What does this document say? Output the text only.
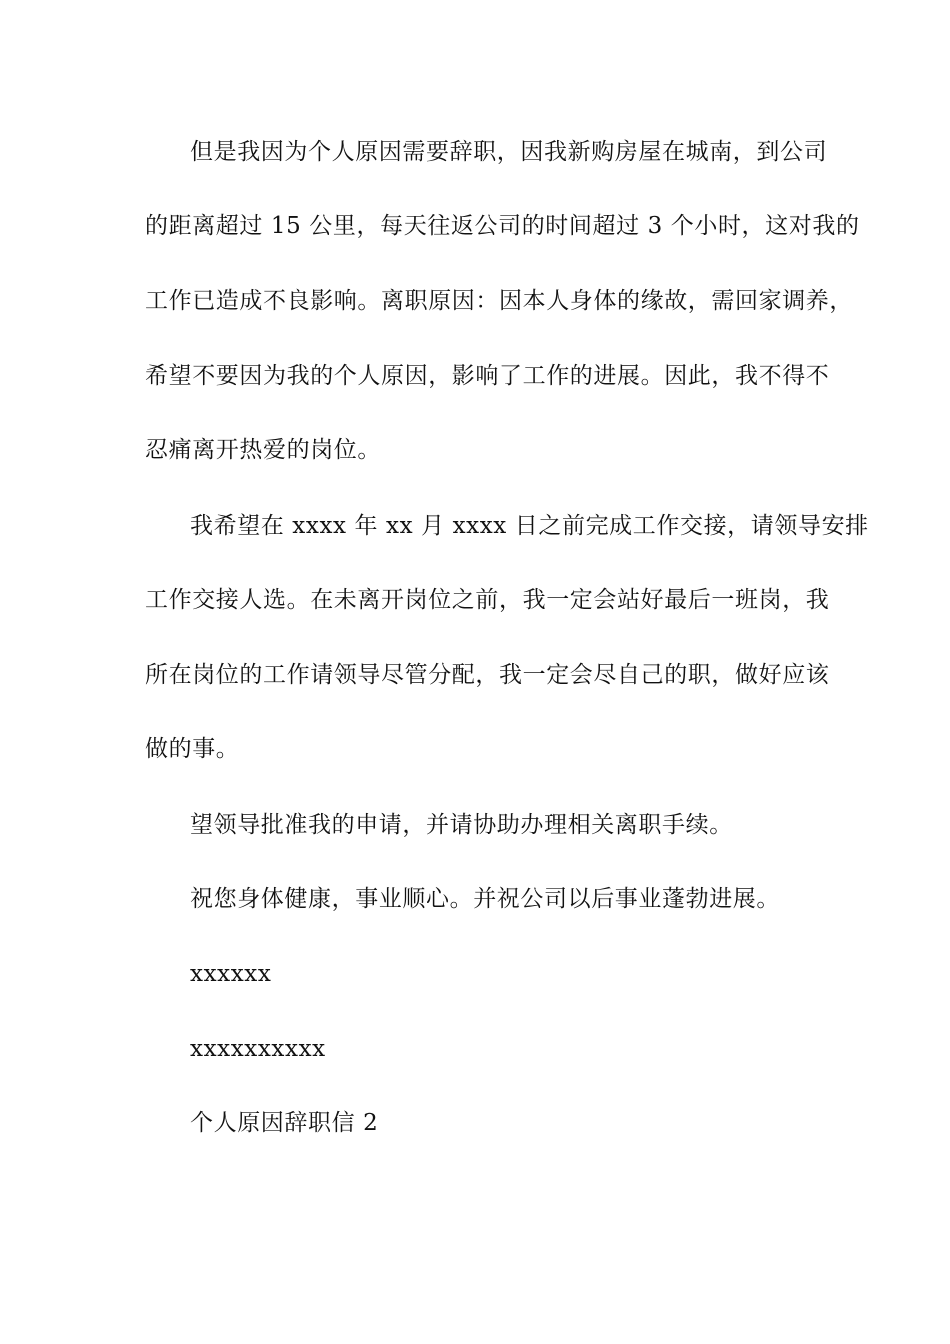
但是我因为个人原因需要辞职，因我新购房屋在城南，到公司
的距离超过 15 公里，每天往返公司的时间超过 3 个小时，这对我的
工作已造成不良影响。离职原因：因本人身体的缘故，需回家调养，
希望不要因为我的个人原因，影响了工作的进展。因此，我不得不
忍痛离开热爱的岗位。
我希望在 xxxx 年 xx 月 xxxx 日之前完成工作交接，请领导安排
工作交接人选。在未离开岗位之前，我一定会站好最后一班岗，我
所在岗位的工作请领导尽管分配，我一定会尽自己的职，做好应该
做的事。
望领导批准我的申请，并请协助办理相关离职手续。
祝您身体健康，事业顺心。并祝公司以后事业蓬勃进展。
xxxxxx
xxxxxxxxxx
个人原因辞职信 2
